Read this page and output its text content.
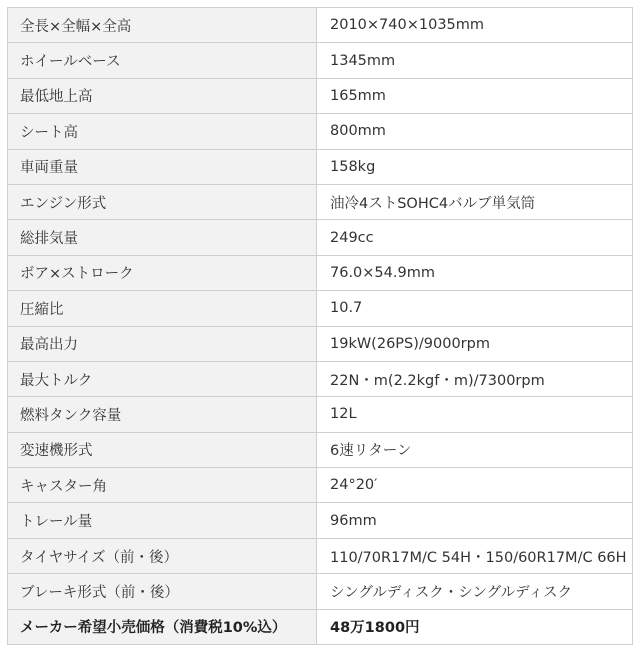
全長×全幅×全高	2010×740×1035mm
ホイールベース	1345mm
最低地上高	165mm
シート高	800mm
車両重量	158kg
エンジン形式	油冷4ストSOHC4バルブ単気筒
総排気量	249cc
ボア×ストローク	76.0×54.9mm
圧縮比	10.7
最高出力	19kW(26PS)/9000rpm
最大トルク	22N・m(2.2kgf・m)/7300rpm
燃料タンク容量	12L
変速機形式	6速リターン
キャスター角	24°20′
トレール量	96mm
タイヤサイズ（前・後）	110/70R17M/C 54H・150/60R17M/C 66H
ブレーキ形式（前・後）	シングルディスク・シングルディスク
メーカー希望小売価格（消費税10%込）	48万1800円
